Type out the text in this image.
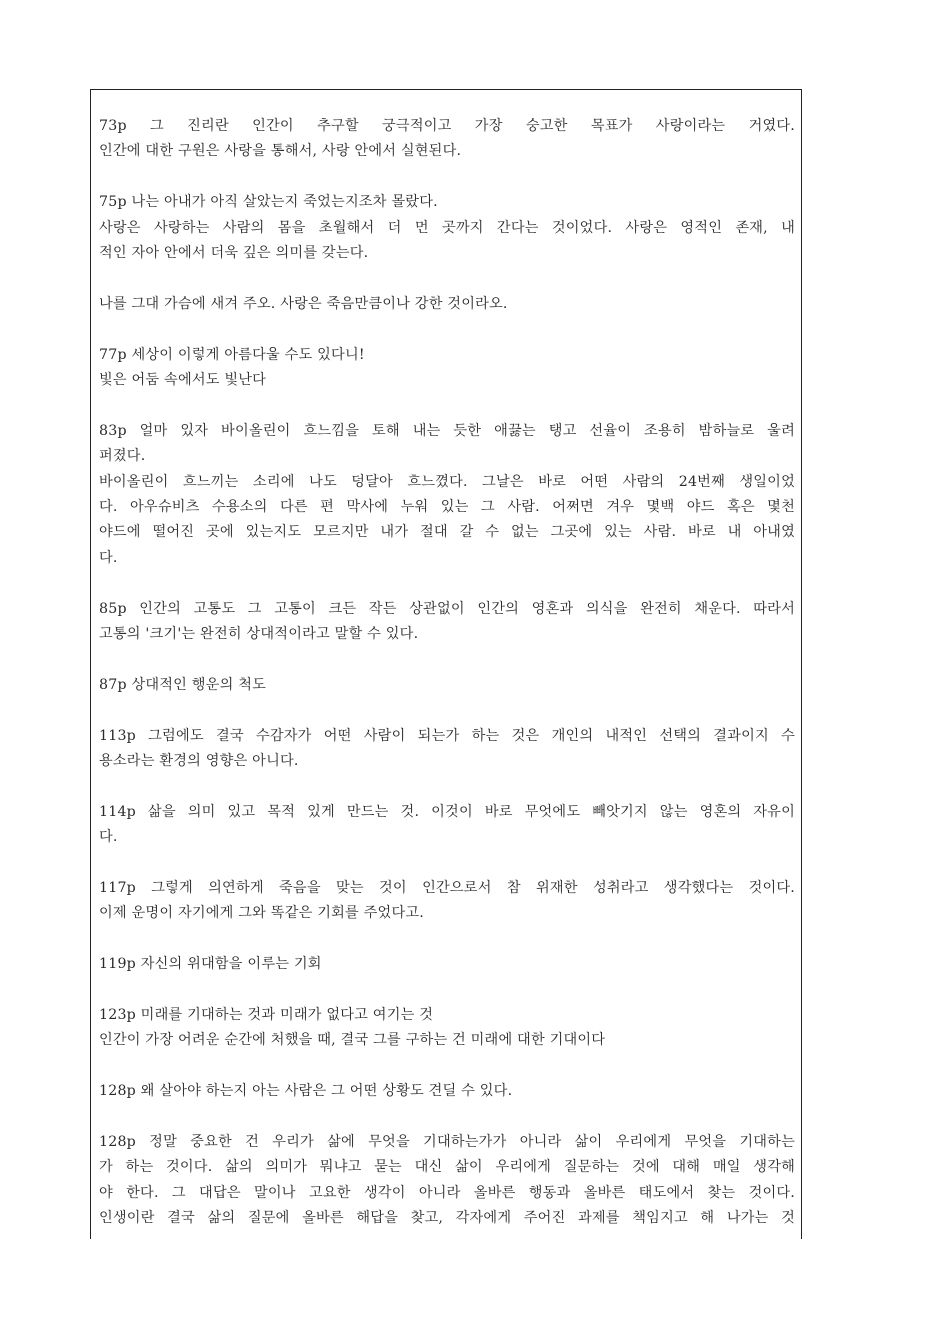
73p 그 진리란 인간이 추구할 궁극적이고 가장 숭고한 목표가 사랑이라는 거였다.
인간에 대한 구원은 사랑을 통해서, 사랑 안에서 실현된다.
75p 나는 아내가 아직 살았는지 죽었는지조차 몰랐다.
사랑은 사랑하는 사람의 몸을 초월해서 더 먼 곳까지 간다는 것이었다. 사랑은 영적인 존재, 내
적인 자아 안에서 더욱 깊은 의미를 갖는다.
나를 그대 가슴에 새겨 주오. 사랑은 죽음만큼이나 강한 것이라오.
77p 세상이 이렇게 아름다울 수도 있다니!
빛은 어둠 속에서도 빛난다
83p 얼마 있자 바이올린이 흐느낌을 토해 내는 듯한 애끓는 탱고 선율이 조용히 밤하늘로 울려
퍼졌다.
바이올린이 흐느끼는 소리에 나도 덩달아 흐느꼈다. 그날은 바로 어떤 사람의 24번째 생일이었
다. 아우슈비츠 수용소의 다른 편 막사에 누워 있는 그 사람. 어쩌면 겨우 몇백 야드 혹은 몇천
야드에 떨어진 곳에 있는지도 모르지만 내가 절대 갈 수 없는 그곳에 있는 사람. 바로 내 아내였
다.
85p 인간의 고통도 그 고통이 크든 작든 상관없이 인간의 영혼과 의식을 완전히 채운다. 따라서
고통의 '크기'는 완전히 상대적이라고 말할 수 있다.
87p 상대적인 행운의 척도
113p 그럼에도 결국 수감자가 어떤 사람이 되는가 하는 것은 개인의 내적인 선택의 결과이지 수
용소라는 환경의 영향은 아니다.
114p 삶을 의미 있고 목적 있게 만드는 것. 이것이 바로 무엇에도 빼앗기지 않는 영혼의 자유이
다.
117p 그렇게 의연하게 죽음을 맞는 것이 인간으로서 참 위재한 성취라고 생각했다는 것이다.
이제 운명이 자기에게 그와 똑같은 기회를 주었다고.
119p 자신의 위대함을 이루는 기회
123p 미래를 기대하는 것과 미래가 없다고 여기는 것
인간이 가장 어려운 순간에 처했을 때, 결국 그를 구하는 건 미래에 대한 기대이다
128p 왜 살아야 하는지 아는 사람은 그 어떤 상황도 견딜 수 있다.
128p 정말 중요한 건 우리가 삶에 무엇을 기대하는가가 아니라 삶이 우리에게 무엇을 기대하는
가 하는 것이다. 삶의 의미가 뭐냐고 묻는 대신 삶이 우리에게 질문하는 것에 대해 매일 생각해
야 한다. 그 대답은 말이나 고요한 생각이 아니라 올바른 행동과 올바른 태도에서 찾는 것이다.
인생이란 결국 삶의 질문에 올바른 해답을 찾고, 각자에게 주어진 과제를 책임지고 해 나가는 것
